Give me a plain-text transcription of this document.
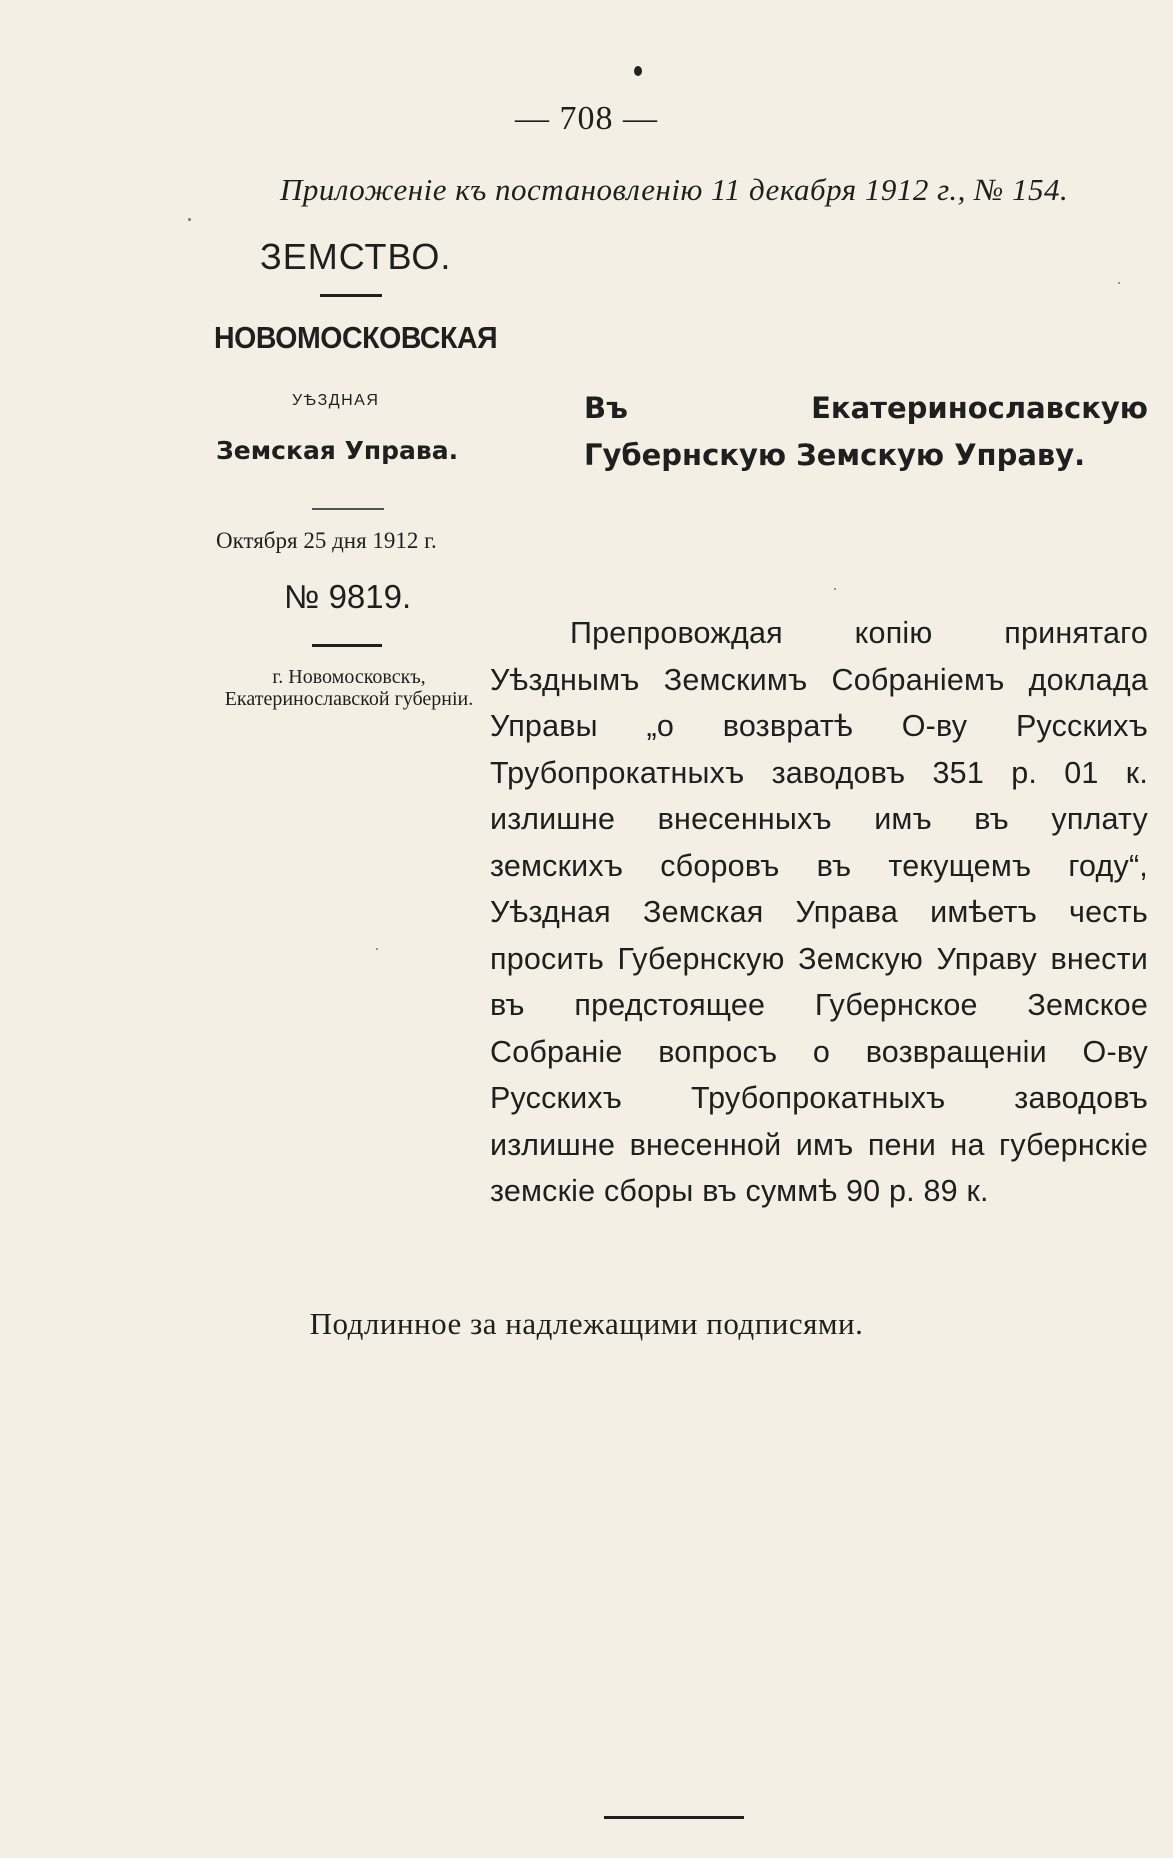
— 708 —
Приложеніе къ постановленію 11 декабря 1912 г., № 154.
ЗЕМСТВО.
НОВОМОСКОВСКАЯ
УѢЗДНАЯ
Земская Управа.
Октября 25 дня 1912 г.
№ 9819.
г. Новомосковскъ, Екатеринославской губерніи.
Въ Екатеринославскую Губернскую Земскую Управу.
Препровождая копію принятаго Уѣзднымъ Земскимъ Собраніемъ доклада Управы „о возвратѣ О-ву Русскихъ Трубопрокатныхъ заводовъ 351 р. 01 к. излишне внесенныхъ имъ въ уплату земскихъ сборовъ въ текущемъ году“, Уѣздная Земская Управа имѣетъ честь просить Губернскую Земскую Управу внести въ предстоящее Губернское Земское Собраніе вопросъ о возвращеніи О-ву Русскихъ Трубопрокатныхъ заводовъ излишне внесенной имъ пени на губернскіе земскіе сборы въ суммѣ 90 р. 89 к.
Подлинное за надлежащими подписями.
